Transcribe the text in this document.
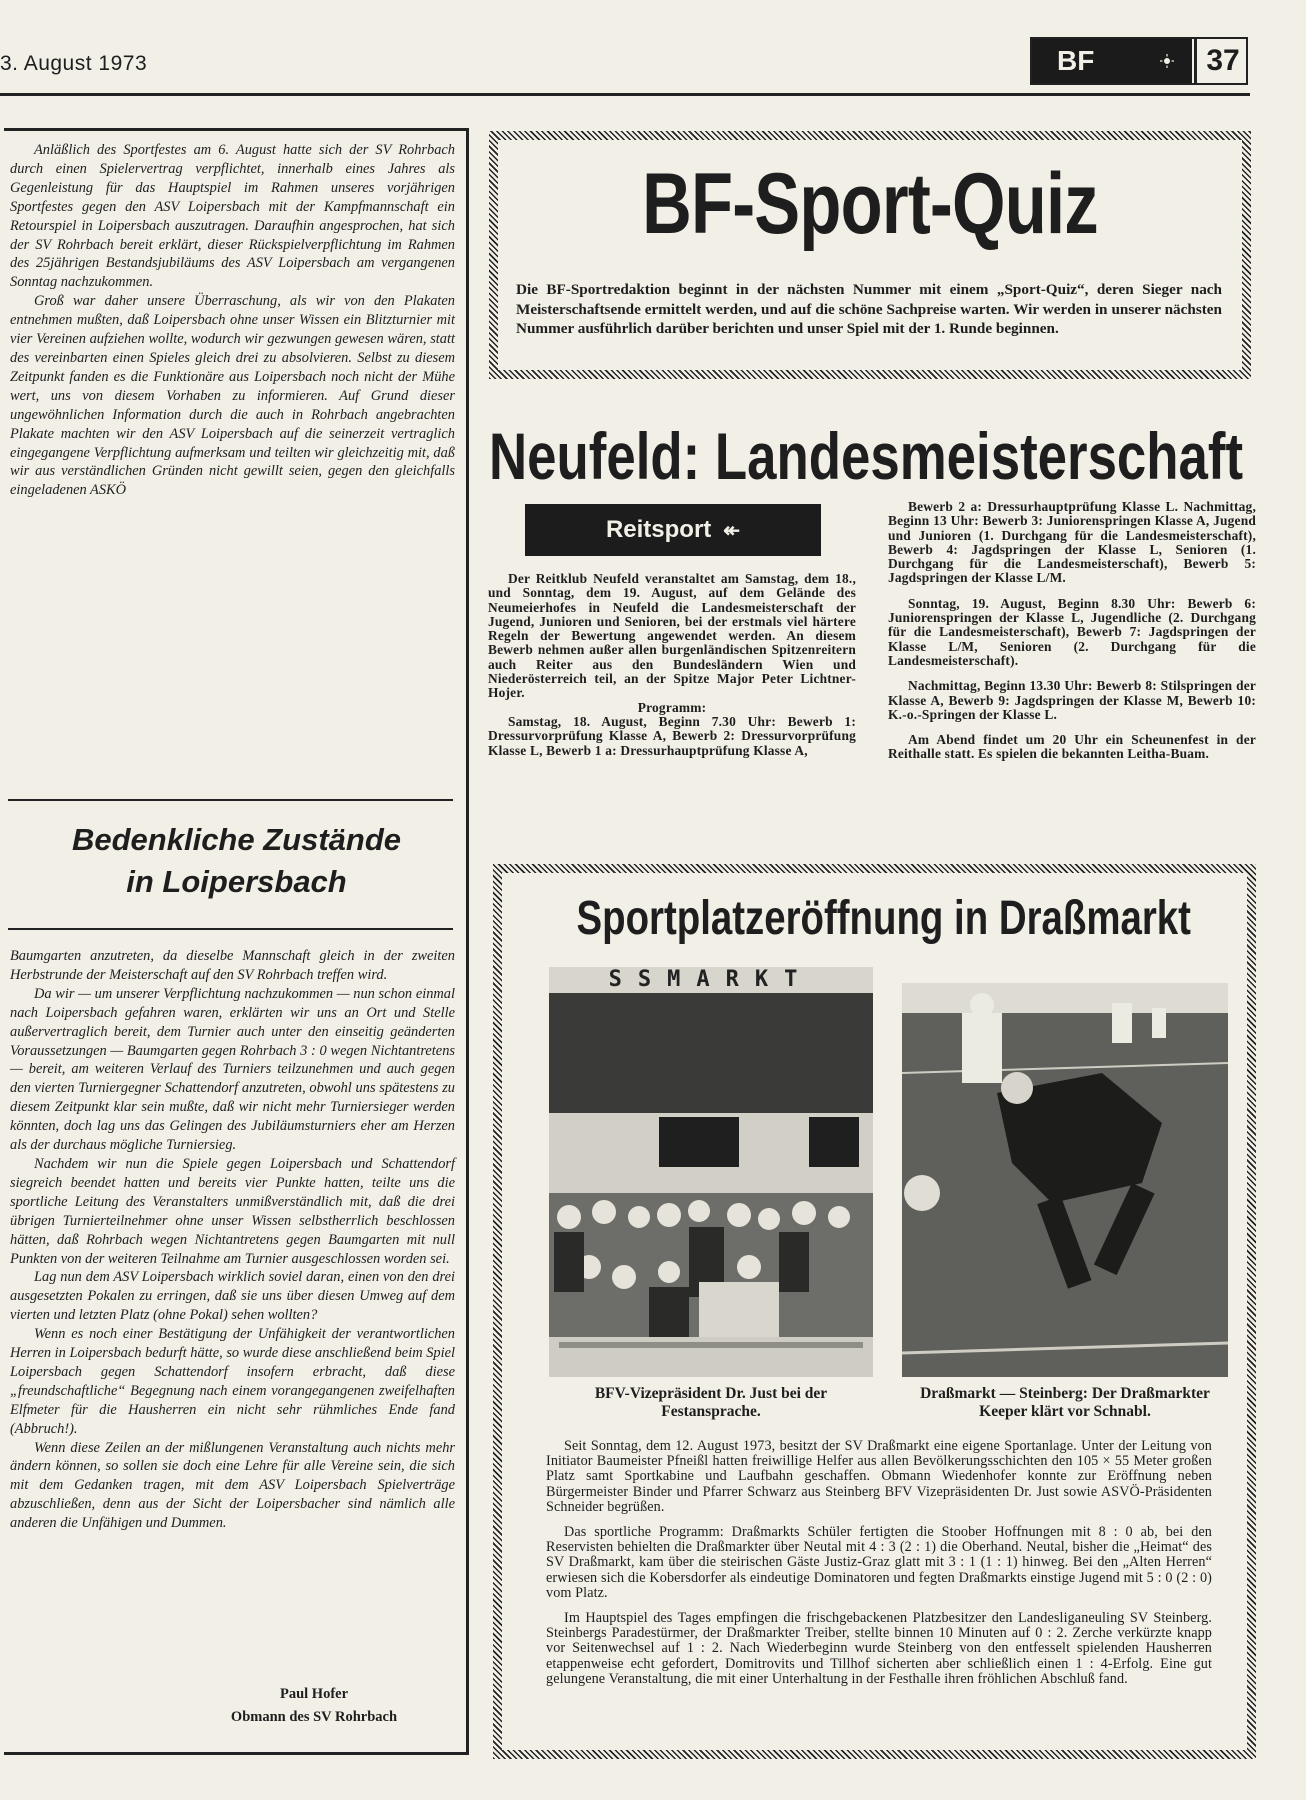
3. August 1973	BF	37

Anläßlich des Sportfestes am 6. August hatte sich der SV Rohrbach durch einen Spielervertrag verpflichtet, innerhalb eines Jahres als Gegenleistung für das Hauptspiel im Rahmen unseres vorjährigen Sportfestes gegen den ASV Loipersbach mit der Kampfmannschaft ein Retourspiel in Loipersbach auszutragen. Daraufhin angesprochen, hat sich der SV Rohrbach bereit erklärt, dieser Rückspielverpflichtung im Rahmen des 25jährigen Bestandsjubiläums des ASV Loipersbach am vergangenen Sonntag nachzukommen.

Groß war daher unsere Überraschung, als wir von den Plakaten entnehmen mußten, daß Loipersbach ohne unser Wissen ein Blitzturnier mit vier Vereinen aufziehen wollte, wodurch wir gezwungen gewesen wären, statt des vereinbarten einen Spieles gleich drei zu absolvieren. Selbst zu diesem Zeitpunkt fanden es die Funktionäre aus Loipersbach noch nicht der Mühe wert, uns von diesem Vorhaben zu informieren. Auf Grund dieser ungewöhnlichen Information durch die auch in Rohrbach angebrachten Plakate machten wir den ASV Loipersbach auf die seinerzeit vertraglich eingegangene Verpflichtung aufmerksam und teilten wir gleichzeitig mit, daß wir aus verständlichen Gründen nicht gewillt seien, gegen den gleichfalls eingeladenen ASKÖ

Bedenkliche Zustände
in Loipersbach

Baumgarten anzutreten, da dieselbe Mannschaft gleich in der zweiten Herbstrunde der Meisterschaft auf den SV Rohrbach treffen wird.

Da wir — um unserer Verpflichtung nachzukommen — nun schon einmal nach Loipersbach gefahren waren, erklärten wir uns an Ort und Stelle außervertraglich bereit, dem Turnier auch unter den einseitig geänderten Voraussetzungen — Baumgarten gegen Rohrbach 3 : 0 wegen Nichtantretens — bereit, am weiteren Verlauf des Turniers teilzunehmen und auch gegen den vierten Turniergegner Schattendorf anzutreten, obwohl uns spätestens zu diesem Zeitpunkt klar sein mußte, daß wir nicht mehr Turniersieger werden könnten, doch lag uns das Gelingen des Jubiläumsturniers eher am Herzen als der durchaus mögliche Turniersieg.

Nachdem wir nun die Spiele gegen Loipersbach und Schattendorf siegreich beendet hatten und bereits vier Punkte hatten, teilte uns die sportliche Leitung des Veranstalters unmißverständlich mit, daß die drei übrigen Turnierteilnehmer ohne unser Wissen selbstherrlich beschlossen hätten, daß Rohrbach wegen Nichtantretens gegen Baumgarten mit null Punkten von der weiteren Teilnahme am Turnier ausgeschlossen worden sei.

Lag nun dem ASV Loipersbach wirklich soviel daran, einen von den drei ausgesetzten Pokalen zu erringen, daß sie uns über diesen Umweg auf dem vierten und letzten Platz (ohne Pokal) sehen wollten?

Wenn es noch einer Bestätigung der Unfähigkeit der verantwortlichen Herren in Loipersbach bedurft hätte, so wurde diese anschließend beim Spiel Loipersbach gegen Schattendorf insofern erbracht, daß diese „freundschaftliche“ Begegnung nach einem vorangegangenen zweifelhaften Elfmeter für die Hausherren ein nicht sehr rühmliches Ende fand (Abbruch!).

Wenn diese Zeilen an der mißlungenen Veranstaltung auch nichts mehr ändern können, so sollen sie doch eine Lehre für alle Vereine sein, die sich mit dem Gedanken tragen, mit dem ASV Loipersbach Spielverträge abzuschließen, denn aus der Sicht der Loipersbacher sind nämlich alle anderen die Unfähigen und Dummen.

Paul Hofer
Obmann des SV Rohrbach
BF-Sport-Quiz
Die BF-Sportredaktion beginnt in der nächsten Nummer mit einem „Sport-Quiz“, deren Sieger nach Meisterschaftsende ermittelt werden, und auf die schöne Sachpreise warten. Wir werden in unserer nächsten Nummer ausführlich darüber berichten und unser Spiel mit der 1. Runde beginnen.
Neufeld: Landesmeisterschaft
Reitsport ↞

Der Reitklub Neufeld veranstaltet am Samstag, dem 18., und Sonntag, dem 19. August, auf dem Gelände des Neumeierhofes in Neufeld die Landesmeisterschaft der Jugend, Junioren und Senioren, bei der erstmals viel härtere Regeln der Bewertung angewendet werden. An diesem Bewerb nehmen außer allen burgenländischen Spitzenreitern auch Reiter aus den Bundesländern Wien und Niederösterreich teil, an der Spitze Major Peter Lichtner-Hojer.

Programm:

Samstag, 18. August, Beginn 7.30 Uhr: Bewerb 1: Dressurvorprüfung Klasse A, Bewerb 2: Dressurvorprüfung Klasse L, Bewerb 1 a: Dressurhauptprüfung Klasse A,

Bewerb 2 a: Dressurhauptprüfung Klasse L. Nachmittag, Beginn 13 Uhr: Bewerb 3: Juniorenspringen Klasse A, Jugend und Junioren (1. Durchgang für die Landesmeisterschaft), Bewerb 4: Jagdspringen der Klasse L, Senioren (1. Durchgang für die Landesmeisterschaft), Bewerb 5: Jagdspringen der Klasse L/M.

Sonntag, 19. August, Beginn 8.30 Uhr: Bewerb 6: Juniorenspringen der Klasse L, Jugendliche (2. Durchgang für die Landesmeisterschaft), Bewerb 7: Jagdspringen der Klasse L/M, Senioren (2. Durchgang für die Landesmeisterschaft).

Nachmittag, Beginn 13.30 Uhr: Bewerb 8: Stilspringen der Klasse A, Bewerb 9: Jagdspringen der Klasse M, Bewerb 10: K.-o.-Springen der Klasse L.

Am Abend findet um 20 Uhr ein Scheunenfest in der Reithalle statt. Es spielen die bekannten Leitha-Buam.

Sportplatzeröffnung in Draßmarkt
SSMARKT
BFV-Vizepräsident Dr. Just bei der Festansprache.
Draßmarkt — Steinberg: Der Draßmarkter Keeper klärt vor Schnabl.

Seit Sonntag, dem 12. August 1973, besitzt der SV Draßmarkt eine eigene Sportanlage. Unter der Leitung von Initiator Baumeister Pfneißl hatten freiwillige Helfer aus allen Bevölkerungsschichten den 105 × 55 Meter großen Platz samt Sportkabine und Laufbahn geschaffen. Obmann Wiedenhofer konnte zur Eröffnung neben Bürgermeister Binder und Pfarrer Schwarz aus Steinberg BFV Vizepräsidenten Dr. Just sowie ASVÖ-Präsidenten Schneider begrüßen.

Das sportliche Programm: Draßmarkts Schüler fertigten die Stoober Hoffnungen mit 8 : 0 ab, bei den Reservisten behielten die Draßmarkter über Neutal mit 4 : 3 (2 : 1) die Oberhand. Neutal, bisher die „Heimat“ des SV Draßmarkt, kam über die steirischen Gäste Justiz-Graz glatt mit 3 : 1 (1 : 1) hinweg. Bei den „Alten Herren“ erwiesen sich die Kobersdorfer als eindeutige Dominatoren und fegten Draßmarkts einstige Jugend mit 5 : 0 (2 : 0) vom Platz.

Im Hauptspiel des Tages empfingen die frischgebackenen Platzbesitzer den Landesliganeuling SV Steinberg. Steinbergs Paradestürmer, der Draßmarkter Treiber, stellte binnen 10 Minuten auf 0 : 2. Zerche verkürzte knapp vor Seitenwechsel auf 1 : 2. Nach Wiederbeginn wurde Steinberg von den entfesselt spielenden Hausherren etappenweise echt gefordert, Domitrovits und Tillhof sicherten aber schließlich einen 1 : 4-Erfolg. Eine gut gelungene Veranstaltung, die mit einer Unterhaltung in der Festhalle ihren fröhlichen Abschluß fand.
